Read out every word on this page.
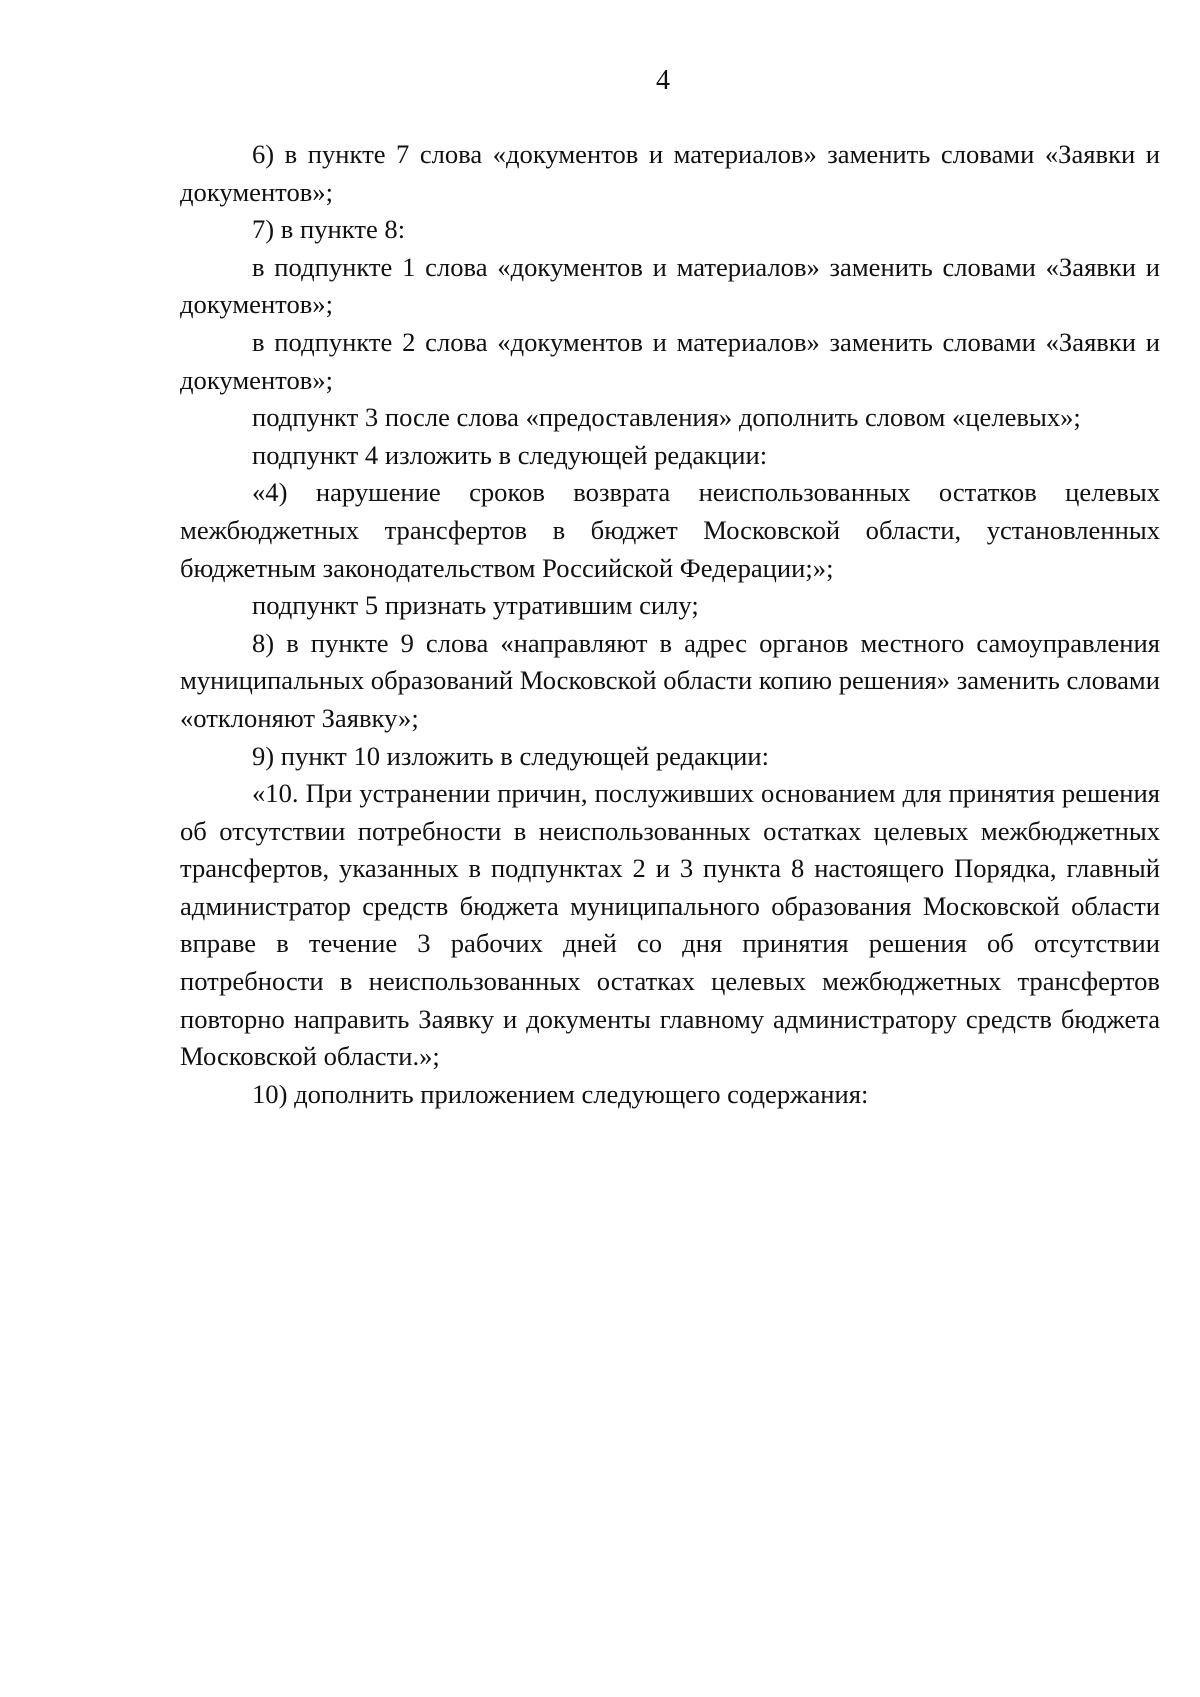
4

6) в пункте 7 слова «документов и материалов» заменить словами «Заявки и документов»;

7) в пункте 8:

в подпункте 1 слова «документов и материалов» заменить словами «Заявки и документов»;

в подпункте 2 слова «документов и материалов» заменить словами «Заявки и документов»;

подпункт 3 после слова «предоставления» дополнить словом «целевых»;

подпункт 4 изложить в следующей редакции:

«4) нарушение сроков возврата неиспользованных остатков целевых межбюджетных трансфертов в бюджет Московской области, установленных бюджетным законодательством Российской Федерации;»;

подпункт 5 признать утратившим силу;

8) в пункте 9 слова «направляют в адрес органов местного самоуправления муниципальных образований Московской области копию решения» заменить словами «отклоняют Заявку»;

9) пункт 10 изложить в следующей редакции:

«10. При устранении причин, послуживших основанием для принятия решения об отсутствии потребности в неиспользованных остатках целевых межбюджетных трансфертов, указанных в подпунктах 2 и 3 пункта 8 настоящего Порядка, главный администратор средств бюджета муниципального образования Московской области вправе в течение 3 рабочих дней со дня принятия решения об отсутствии потребности в неиспользованных остатках целевых межбюджетных трансфертов повторно направить Заявку и документы главному администратору средств бюджета Московской области.»;

10) дополнить приложением следующего содержания:
